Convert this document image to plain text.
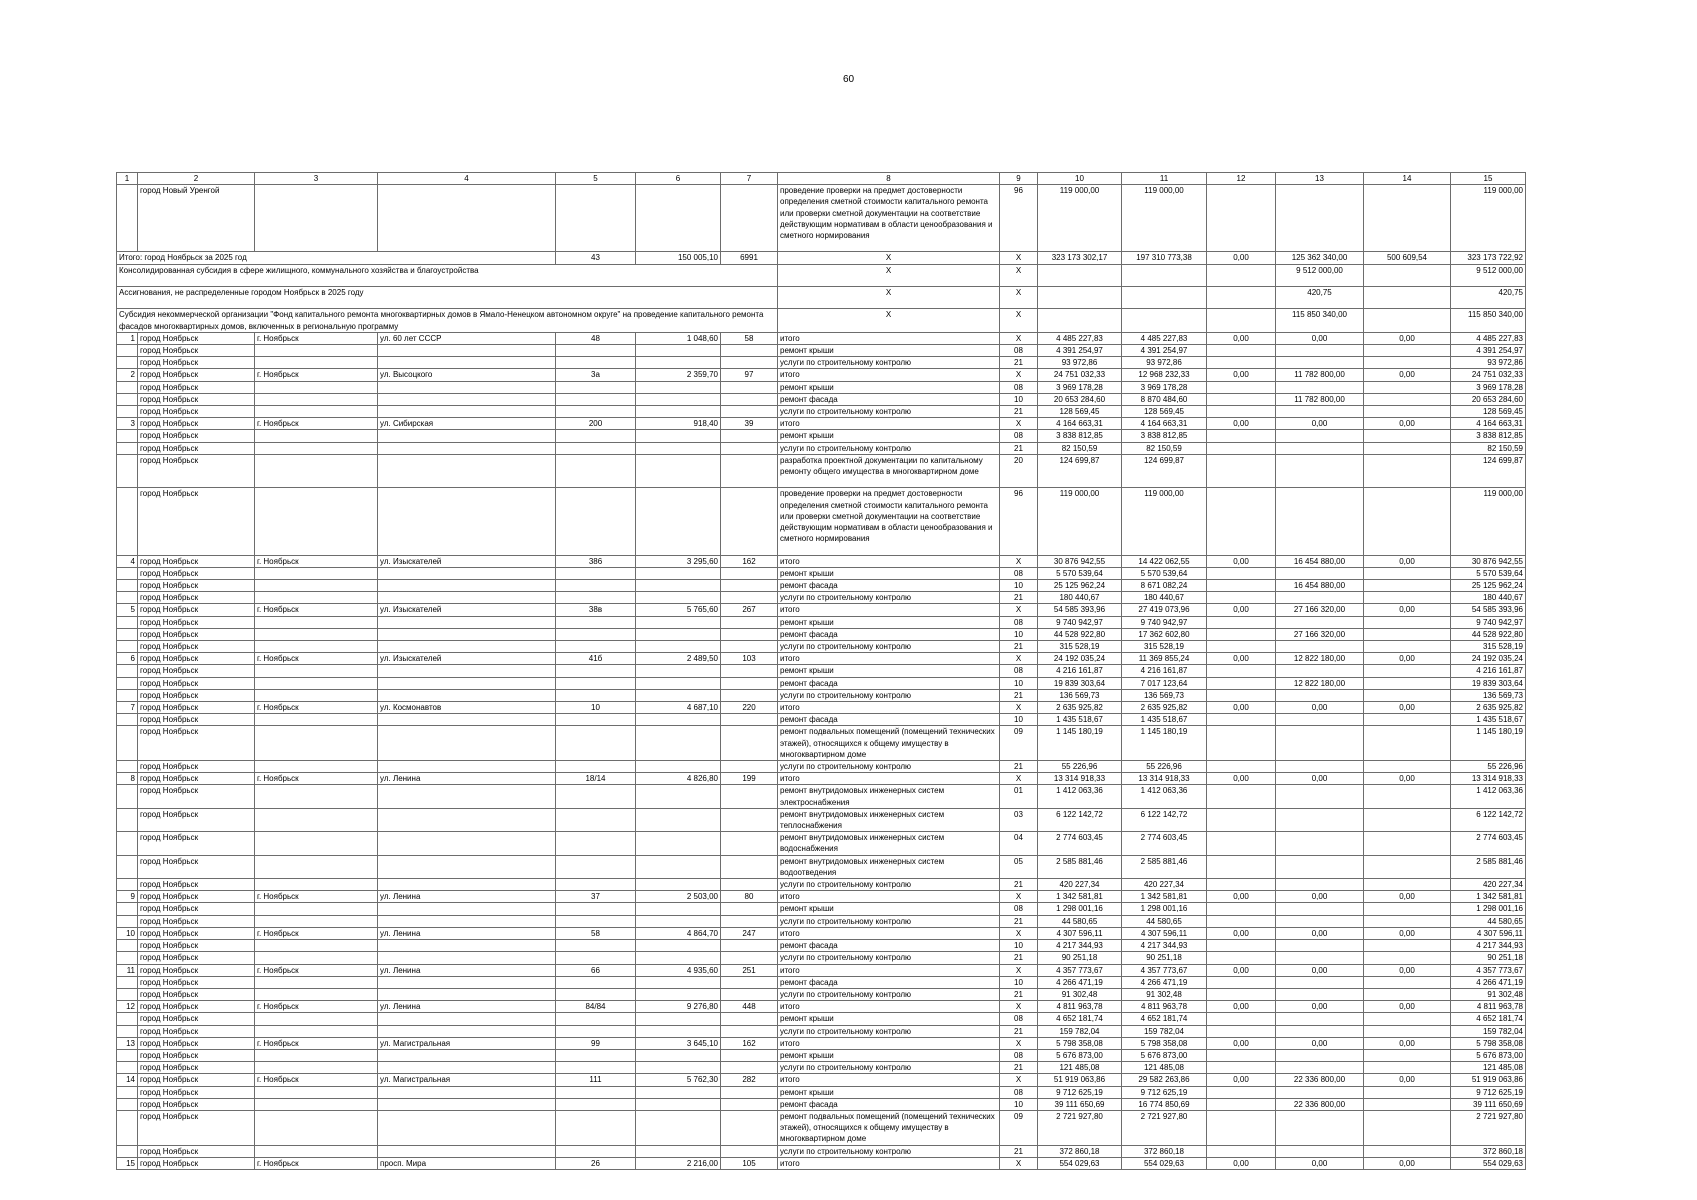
60
1	2	3	4	5	6	7	8	9	10	11	12	13	14	15
	город Новый Уренгой						проведение проверки на предмет достоверности определения сметной стоимости капитального ремонта или проверки сметной документации на соответствие действующим нормативам в области ценообразования и сметного нормирования	96	119 000,00	119 000,00				119 000,00
Итого: город Ноябрьск за 2025 год				43	150 005,10	6991	X	X	323 173 302,17	197 310 773,38	0,00	125 362 340,00	500 609,54	323 173 722,92
Консолидированная субсидия в сфере жилищного, коммунального хозяйства и благоустройства							X	X				9 512 000,00		9 512 000,00
Ассигнования, не распределенные городом Ноябрьск в 2025 году							X	X				420,75		420,75
Субсидия некоммерческой организации "Фонд капитального ремонта многоквартирных домов в Ямало-Ненецком автономном округе" на проведение капитального ремонта фасадов многоквартирных домов, включенных в региональную программу							X	X				115 850 340,00		115 850 340,00
1	город Ноябрьск	г. Ноябрьск	ул. 60 лет СССР	48	1 048,60	58	итого	X	4 485 227,83	4 485 227,83	0,00	0,00	0,00	4 485 227,83
	город Ноябрьск						ремонт крыши	08	4 391 254,97	4 391 254,97				4 391 254,97
	город Ноябрьск						услуги по строительному контролю	21	93 972,86	93 972,86				93 972,86
2	город Ноябрьск	г. Ноябрьск	ул. Высоцкого	3а	2 359,70	97	итого	X	24 751 032,33	12 968 232,33	0,00	11 782 800,00	0,00	24 751 032,33
	город Ноябрьск						ремонт крыши	08	3 969 178,28	3 969 178,28				3 969 178,28
	город Ноябрьск						ремонт фасада	10	20 653 284,60	8 870 484,60		11 782 800,00		20 653 284,60
	город Ноябрьск						услуги по строительному контролю	21	128 569,45	128 569,45				128 569,45
3	город Ноябрьск	г. Ноябрьск	ул. Сибирская	200	918,40	39	итого	X	4 164 663,31	4 164 663,31	0,00	0,00	0,00	4 164 663,31
	город Ноябрьск						ремонт крыши	08	3 838 812,85	3 838 812,85				3 838 812,85
	город Ноябрьск						услуги по строительному контролю	21	82 150,59	82 150,59				82 150,59
	город Ноябрьск						разработка проектной документации по капитальному ремонту общего имущества в многоквартирном доме	20	124 699,87	124 699,87				124 699,87
	город Ноябрьск						проведение проверки на предмет достоверности определения сметной стоимости капитального ремонта или проверки сметной документации на соответствие действующим нормативам в области ценообразования и сметного нормирования	96	119 000,00	119 000,00				119 000,00
4	город Ноябрьск	г. Ноябрьск	ул. Изыскателей	386	3 295,60	162	итого	X	30 876 942,55	14 422 062,55	0,00	16 454 880,00	0,00	30 876 942,55
	город Ноябрьск						ремонт крыши	08	5 570 539,64	5 570 539,64				5 570 539,64
	город Ноябрьск						ремонт фасада	10	25 125 962,24	8 671 082,24		16 454 880,00		25 125 962,24
	город Ноябрьск						услуги по строительному контролю	21	180 440,67	180 440,67				180 440,67
5	город Ноябрьск	г. Ноябрьск	ул. Изыскателей	38в	5 765,60	267	итого	X	54 585 393,96	27 419 073,96	0,00	27 166 320,00	0,00	54 585 393,96
	город Ноябрьск						ремонт крыши	08	9 740 942,97	9 740 942,97				9 740 942,97
	город Ноябрьск						ремонт фасада	10	44 528 922,80	17 362 602,80		27 166 320,00		44 528 922,80
	город Ноябрьск						услуги по строительному контролю	21	315 528,19	315 528,19				315 528,19
6	город Ноябрьск	г. Ноябрьск	ул. Изыскателей	41б	2 489,50	103	итого	X	24 192 035,24	11 369 855,24	0,00	12 822 180,00	0,00	24 192 035,24
	город Ноябрьск						ремонт крыши	08	4 216 161,87	4 216 161,87				4 216 161,87
	город Ноябрьск						ремонт фасада	10	19 839 303,64	7 017 123,64		12 822 180,00		19 839 303,64
	город Ноябрьск						услуги по строительному контролю	21	136 569,73	136 569,73				136 569,73
7	город Ноябрьск	г. Ноябрьск	ул. Космонавтов	10	4 687,10	220	итого	X	2 635 925,82	2 635 925,82	0,00	0,00	0,00	2 635 925,82
	город Ноябрьск						ремонт фасада	10	1 435 518,67	1 435 518,67				1 435 518,67
	город Ноябрьск						ремонт подвальных помещений (помещений технических этажей), относящихся к общему имуществу в многоквартирном доме	09	1 145 180,19	1 145 180,19				1 145 180,19
	город Ноябрьск						услуги по строительному контролю	21	55 226,96	55 226,96				55 226,96
8	город Ноябрьск	г. Ноябрьск	ул. Ленина	18/14	4 826,80	199	итого	X	13 314 918,33	13 314 918,33	0,00	0,00	0,00	13 314 918,33
	город Ноябрьск						ремонт внутридомовых инженерных систем электроснабжения	01	1 412 063,36	1 412 063,36				1 412 063,36
	город Ноябрьск						ремонт внутридомовых инженерных систем теплоснабжения	03	6 122 142,72	6 122 142,72				6 122 142,72
	город Ноябрьск						ремонт внутридомовых инженерных систем водоснабжения	04	2 774 603,45	2 774 603,45				2 774 603,45
	город Ноябрьск						ремонт внутридомовых инженерных систем водоотведения	05	2 585 881,46	2 585 881,46				2 585 881,46
	город Ноябрьск						услуги по строительному контролю	21	420 227,34	420 227,34				420 227,34
9	город Ноябрьск	г. Ноябрьск	ул. Ленина	37	2 503,00	80	итого	X	1 342 581,81	1 342 581,81	0,00	0,00	0,00	1 342 581,81
	город Ноябрьск						ремонт крыши	08	1 298 001,16	1 298 001,16				1 298 001,16
	город Ноябрьск						услуги по строительному контролю	21	44 580,65	44 580,65				44 580,65
10	город Ноябрьск	г. Ноябрьск	ул. Ленина	58	4 864,70	247	итого	X	4 307 596,11	4 307 596,11	0,00	0,00	0,00	4 307 596,11
	город Ноябрьск						ремонт фасада	10	4 217 344,93	4 217 344,93				4 217 344,93
	город Ноябрьск						услуги по строительному контролю	21	90 251,18	90 251,18				90 251,18
11	город Ноябрьск	г. Ноябрьск	ул. Ленина	66	4 935,60	251	итого	X	4 357 773,67	4 357 773,67	0,00	0,00	0,00	4 357 773,67
	город Ноябрьск						ремонт фасада	10	4 266 471,19	4 266 471,19				4 266 471,19
	город Ноябрьск						услуги по строительному контролю	21	91 302,48	91 302,48				91 302,48
12	город Ноябрьск	г. Ноябрьск	ул. Ленина	84/84	9 276,80	448	итого	X	4 811 963,78	4 811 963,78	0,00	0,00	0,00	4 811 963,78
	город Ноябрьск						ремонт крыши	08	4 652 181,74	4 652 181,74				4 652 181,74
	город Ноябрьск						услуги по строительному контролю	21	159 782,04	159 782,04				159 782,04
13	город Ноябрьск	г. Ноябрьск	ул. Магистральная	99	3 645,10	162	итого	X	5 798 358,08	5 798 358,08	0,00	0,00	0,00	5 798 358,08
	город Ноябрьск						ремонт крыши	08	5 676 873,00	5 676 873,00				5 676 873,00
	город Ноябрьск						услуги по строительному контролю	21	121 485,08	121 485,08				121 485,08
14	город Ноябрьск	г. Ноябрьск	ул. Магистральная	111	5 762,30	282	итого	X	51 919 063,86	29 582 263,86	0,00	22 336 800,00	0,00	51 919 063,86
	город Ноябрьск						ремонт крыши	08	9 712 625,19	9 712 625,19				9 712 625,19
	город Ноябрьск						ремонт фасада	10	39 111 650,69	16 774 850,69		22 336 800,00		39 111 650,69
	город Ноябрьск						ремонт подвальных помещений (помещений технических этажей), относящихся к общему имуществу в многоквартирном доме	09	2 721 927,80	2 721 927,80				2 721 927,80
	город Ноябрьск						услуги по строительному контролю	21	372 860,18	372 860,18				372 860,18
15	город Ноябрьск	г. Ноябрьск	просп. Мира	26	2 216,00	105	итого	X	554 029,63	554 029,63	0,00	0,00	0,00	554 029,63
